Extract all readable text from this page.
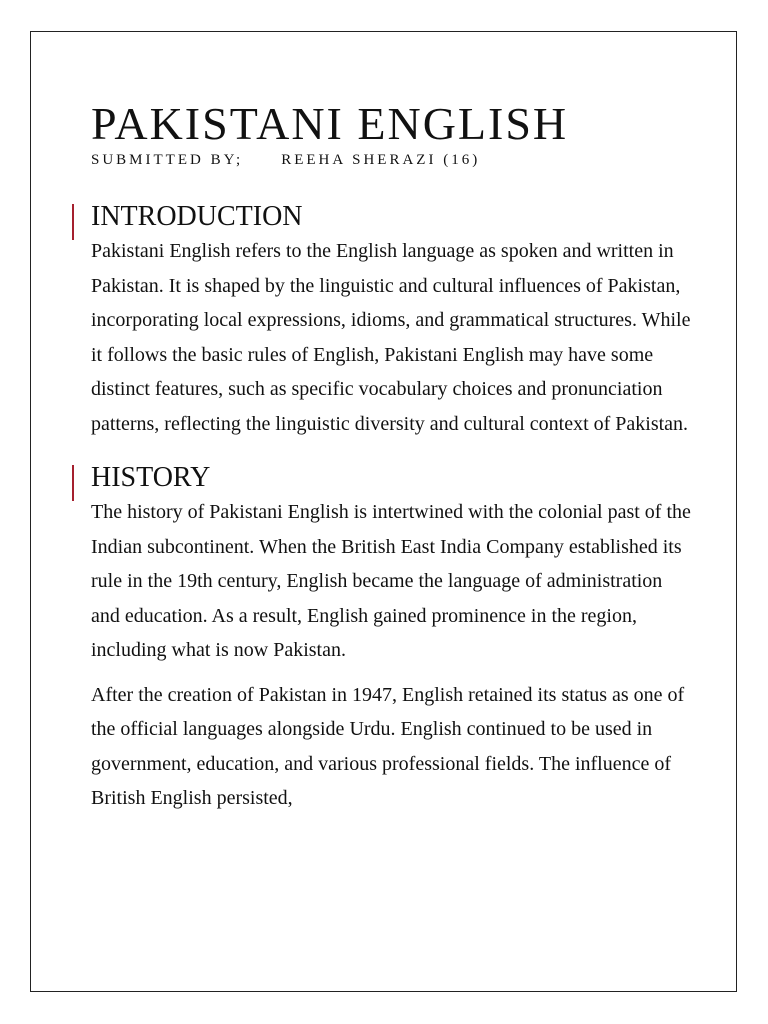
PAKISTANI ENGLISH
SUBMITTED BY;	REEHA SHERAZI (16)
INTRODUCTION

Pakistani English refers to the English language as spoken and written in Pakistan. It is shaped by the linguistic and cultural influences of Pakistan, incorporating local expressions, idioms, and grammatical structures. While it follows the basic rules of English, Pakistani English may have some distinct features, such as specific vocabulary choices and pronunciation patterns, reflecting the linguistic diversity and cultural context of Pakistan.

HISTORY

The history of Pakistani English is intertwined with the colonial past of the Indian subcontinent. When the British East India Company established its rule in the 19th century, English became the language of administration and education. As a result, English gained prominence in the region, including what is now Pakistan.

After the creation of Pakistan in 1947, English retained its status as one of the official languages alongside Urdu. English continued to be used in government, education, and various professional fields. The influence of British English persisted,
